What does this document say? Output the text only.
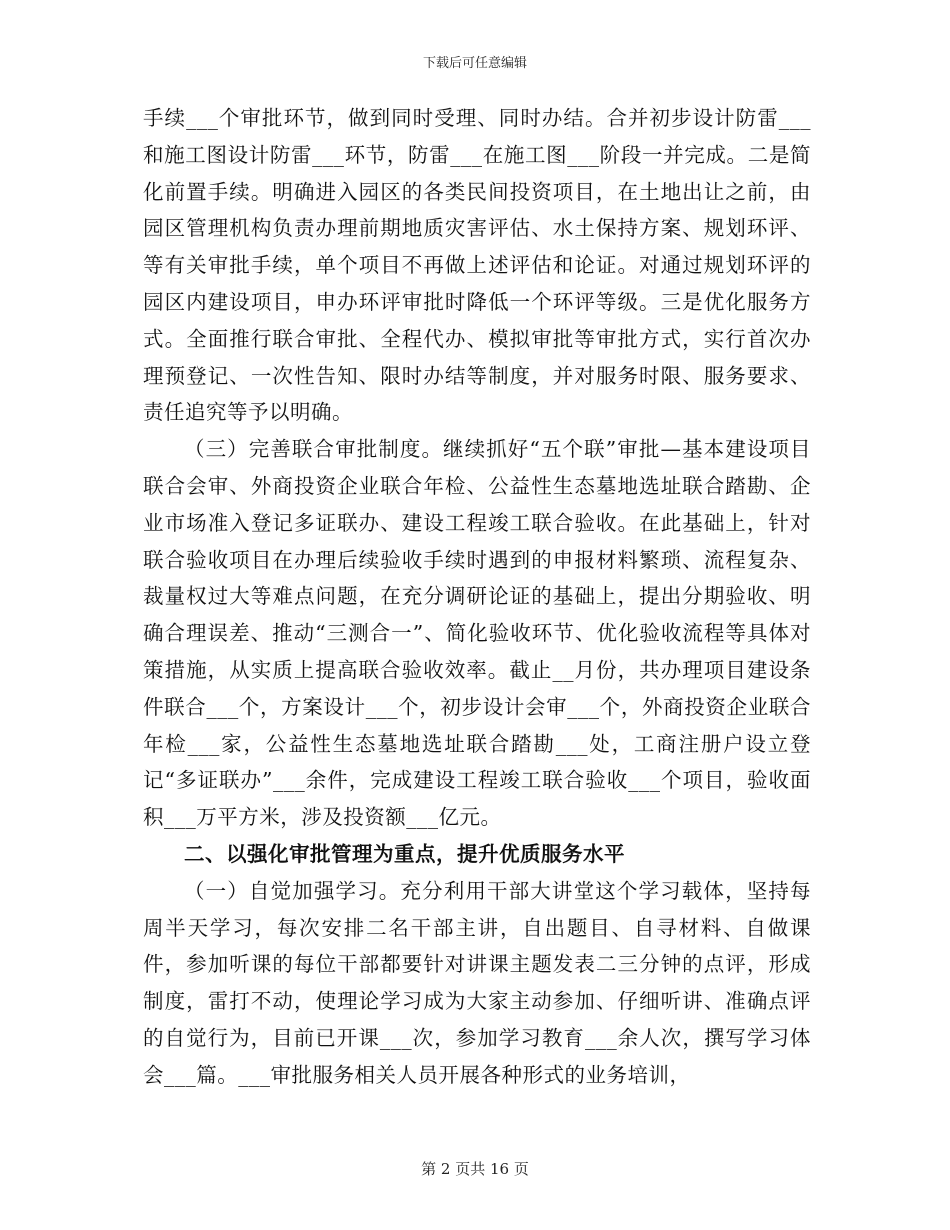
下载后可任意编辑

手续___个审批环节，做到同时受理、同时办结。合并初步设计防雷___和施工图设计防雷___环节，防雷___在施工图___阶段一并完成。二是简化前置手续。明确进入园区的各类民间投资项目，在土地出让之前，由园区管理机构负责办理前期地质灾害评估、水土保持方案、规划环评、等有关审批手续，单个项目不再做上述评估和论证。对通过规划环评的园区内建设项目，申办环评审批时降低一个环评等级。三是优化服务方式。全面推行联合审批、全程代办、模拟审批等审批方式，实行首次办理预登记、一次性告知、限时办结等制度，并对服务时限、服务要求、责任追究等予以明确。

（三）完善联合审批制度。继续抓好“五个联”审批—基本建设项目联合会审、外商投资企业联合年检、公益性生态墓地选址联合踏勘、企业市场准入登记多证联办、建设工程竣工联合验收。在此基础上，针对联合验收项目在办理后续验收手续时遇到的申报材料繁琐、流程复杂、裁量权过大等难点问题，在充分调研论证的基础上，提出分期验收、明确合理误差、推动“三测合一”、简化验收环节、优化验收流程等具体对策措施，从实质上提高联合验收效率。截止__月份，共办理项目建设条件联合___个，方案设计___个，初步设计会审___个，外商投资企业联合年检___家，公益性生态墓地选址联合踏勘___处，工商注册户设立登记“多证联办”___余件，完成建设工程竣工联合验收___个项目，验收面积___万平方米，涉及投资额___亿元。

二、以强化审批管理为重点，提升优质服务水平

（一）自觉加强学习。充分利用干部大讲堂这个学习载体，坚持每周半天学习，每次安排二名干部主讲，自出题目、自寻材料、自做课件，参加听课的每位干部都要针对讲课主题发表二三分钟的点评，形成制度，雷打不动，使理论学习成为大家主动参加、仔细听讲、准确点评的自觉行为，目前已开课___次，参加学习教育___余人次，撰写学习体会___篇。___审批服务相关人员开展各种形式的业务培训，

第 2 页共 16 页
